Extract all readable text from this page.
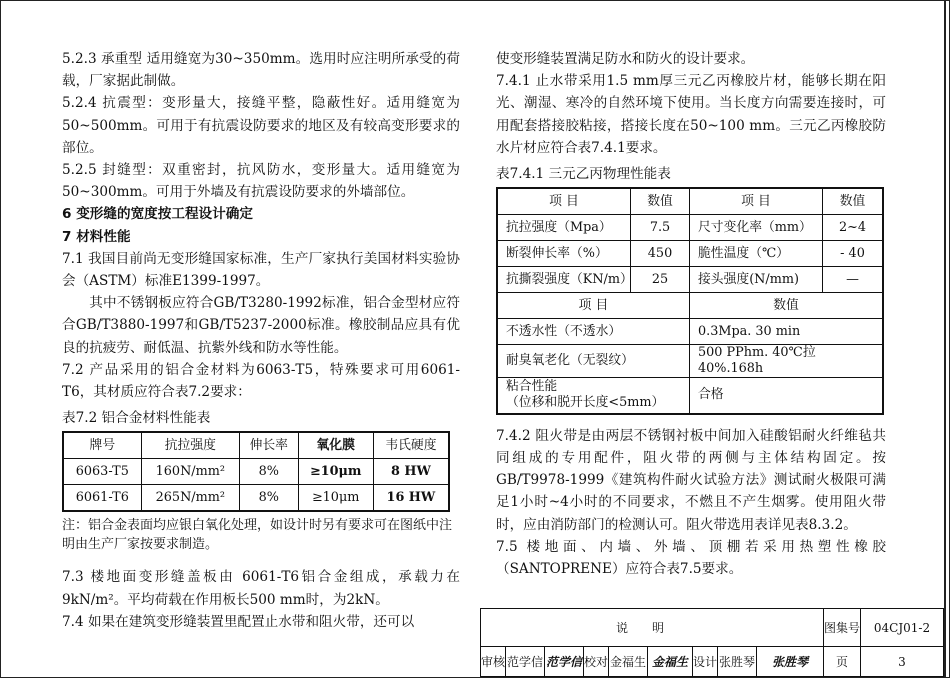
5.2.3 承重型 适用缝宽为30~350mm。选用时应注明所承受的荷载，厂家据此制做。

5.2.4 抗震型：变形量大，接缝平整，隐蔽性好。适用缝宽为50~500mm。可用于有抗震设防要求的地区及有较高变形要求的部位。

5.2.5 封缝型：双重密封，抗风防水，变形量大。适用缝宽为50~300mm。可用于外墙及有抗震设防要求的外墙部位。

6 变形缝的宽度按工程设计确定

7 材料性能

7.1 我国目前尚无变形缝国家标准，生产厂家执行美国材料实验协会（ASTM）标准E1399-1997。

其中不锈钢板应符合GB/T3280-1992标准，铝合金型材应符合GB/T3880-1997和GB/T5237-2000标准。橡胶制品应具有优良的抗疲劳、耐低温、抗紫外线和防水等性能。

7.2 产品采用的铝合金材料为6063-T5，特殊要求可用6061-T6，其材质应符合表7.2要求：

表7.2 铝合金材料性能表

牌号	抗拉强度	伸长率	氧化膜	韦氏硬度
6063-T5	160N/mm²	8%	≥10μm	8 HW
6061-T6	265N/mm²	8%	≥10μm	16 HW

注：铝合金表面均应银白氧化处理，如设计时另有要求可在图纸中注明由生产厂家按要求制造。

7.3 楼地面变形缝盖板由 6061-T6铝合金组成，承载力在9kN/m²。平均荷载在作用板长500 mm时，为2kN。

7.4 如果在建筑变形缝装置里配置止水带和阻火带，还可以

使变形缝装置满足防水和防火的设计要求。

7.4.1 止水带采用1.5 mm厚三元乙丙橡胶片材，能够长期在阳光、潮湿、寒冷的自然环境下使用。当长度方向需要连接时，可用配套搭接胶粘接，搭接长度在50~100 mm。三元乙丙橡胶防水片材应符合表7.4.1要求。

表7.4.1 三元乙丙物理性能表

项 目	数值	项 目	数值
抗拉强度（Mpa）	7.5	尺寸变化率（mm）	2~4
断裂伸长率（%）	450	脆性温度（℃）	- 40
抗撕裂强度（KN/m）	25	接头强度(N/mm)	—
项 目		数值	
不透水性（不透水）		0.3Mpa. 30 min	
耐臭氧老化（无裂纹）		500 PPhm. 40℃拉40%.168h	

粘合性能
（位移和脱开长度<5mm）		合格	

7.4.2 阻火带是由两层不锈钢衬板中间加入硅酸铝耐火纤维毡共同组成的专用配件，阻火带的两侧与主体结构固定。按GB/T9978-1999《建筑构件耐火试验方法》测试耐火极限可满足1小时~4小时的不同要求，不燃且不产生烟雾。使用阻火带时，应由消防部门的检测认可。阻火带选用表详见表8.3.2。

7.5 楼地面、内墙、外墙、顶棚若采用热塑性橡胶（SANTOPRENE）应符合表7.5要求。

说明									图集号	04CJ01-2
审核	范学信	范学信	校对	金福生	金福生	设计	张胜琴	张胜琴	页	3
